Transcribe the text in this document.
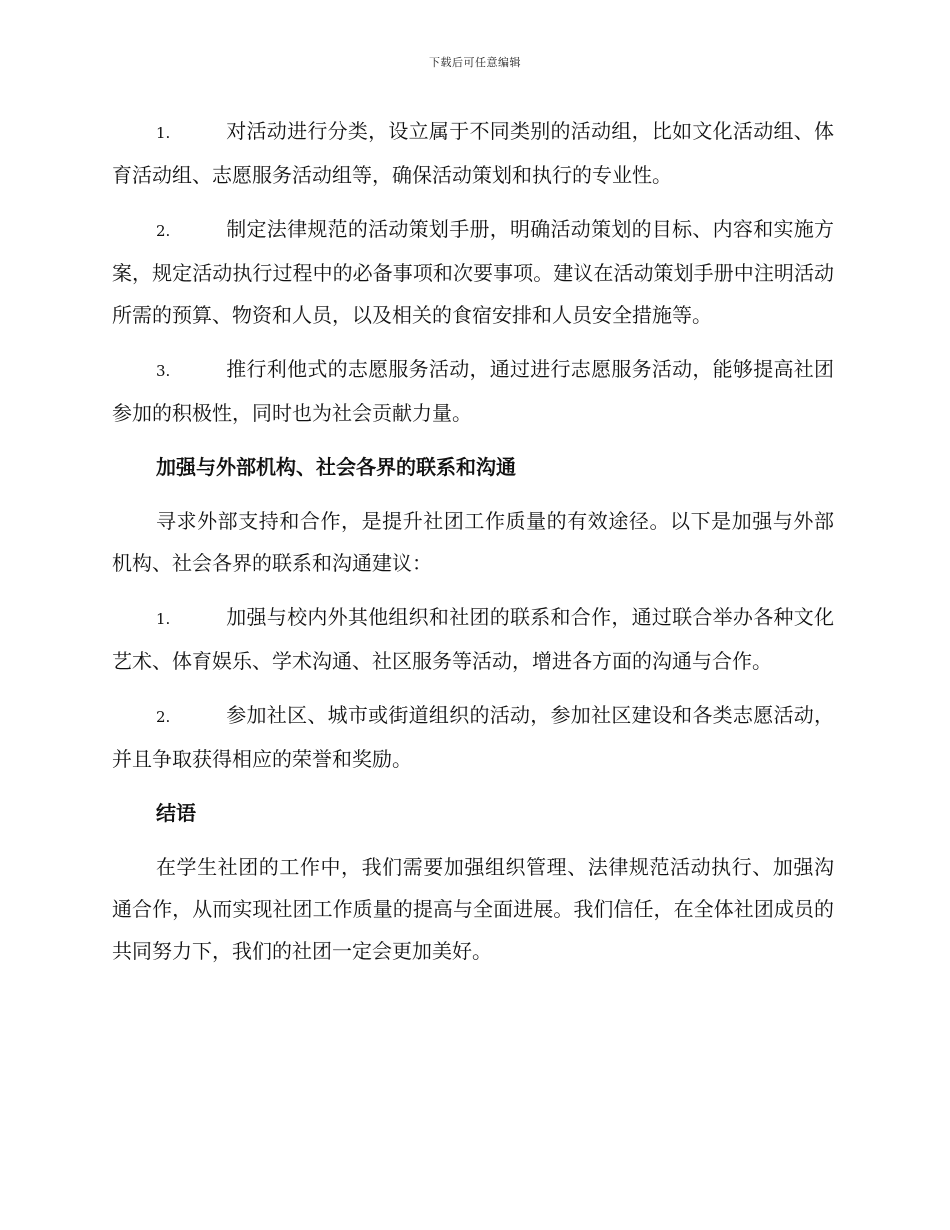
下载后可任意编辑

1.	对活动进行分类，设立属于不同类别的活动组，比如文化活动组、体育活动组、志愿服务活动组等，确保活动策划和执行的专业性。

2.	制定法律规范的活动策划手册，明确活动策划的目标、内容和实施方案，规定活动执行过程中的必备事项和次要事项。建议在活动策划手册中注明活动所需的预算、物资和人员，以及相关的食宿安排和人员安全措施等。

3.	推行利他式的志愿服务活动，通过进行志愿服务活动，能够提高社团参加的积极性，同时也为社会贡献力量。

加强与外部机构、社会各界的联系和沟通

寻求外部支持和合作，是提升社团工作质量的有效途径。以下是加强与外部机构、社会各界的联系和沟通建议：

1.	加强与校内外其他组织和社团的联系和合作，通过联合举办各种文化艺术、体育娱乐、学术沟通、社区服务等活动，增进各方面的沟通与合作。

2.	参加社区、城市或街道组织的活动，参加社区建设和各类志愿活动，并且争取获得相应的荣誉和奖励。

结语

在学生社团的工作中，我们需要加强组织管理、法律规范活动执行、加强沟通合作，从而实现社团工作质量的提高与全面进展。我们信任，在全体社团成员的共同努力下，我们的社团一定会更加美好。
